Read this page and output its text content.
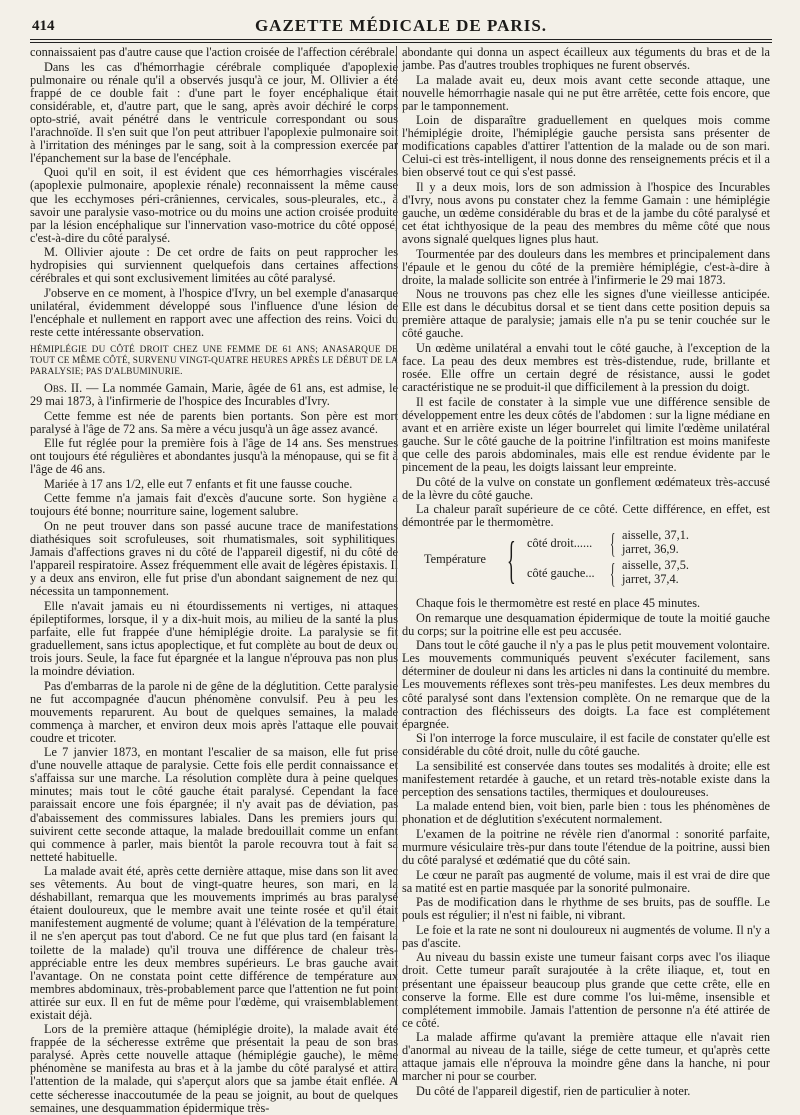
414	GAZETTE MÉDICALE DE PARIS.

connaissaient pas d'autre cause que l'action croisée de l'affection cérébrale.

Dans les cas d'hémorrhagie cérébrale compliquée d'apoplexie pulmonaire ou rénale qu'il a observés jusqu'à ce jour, M. Ollivier a été frappé de ce double fait : d'une part le foyer encéphalique était considérable, et, d'autre part, que le sang, après avoir déchiré le corps opto-strié, avait pénétré dans le ventricule correspondant ou sous l'arachnoïde. Il s'en suit que l'on peut attribuer l'apoplexie pulmonaire soit à l'irritation des méninges par le sang, soit à la compression exercée par l'épanchement sur la base de l'encéphale.

Quoi qu'il en soit, il est évident que ces hémorrhagies viscérales (apoplexie pulmonaire, apoplexie rénale) reconnaissent la même cause que les ecchymoses péri-crâniennes, cervicales, sous-pleurales, etc., à savoir une paralysie vaso-motrice ou du moins une action croisée produite par la lésion encéphalique sur l'innervation vaso-motrice du côté opposé, c'est-à-dire du côté paralysé.

M. Ollivier ajoute : De cet ordre de faits on peut rapprocher les hydropisies qui surviennent quelquefois dans certaines affections cérébrales et qui sont exclusivement limitées au côté paralysé.

J'observe en ce moment, à l'hospice d'Ivry, un bel exemple d'anasarque unilatéral, évidemment développé sous l'influence d'une lésion de l'encéphale et nullement en rapport avec une affection des reins. Voici du reste cette intéressante observation.

HÉMIPLÉGIE DU CÔTÉ DROIT CHEZ UNE FEMME DE 61 ANS; ANASARQUE DE TOUT CE MÊME CÔTÉ, SURVENU VINGT-QUATRE HEURES APRÈS LE DÉBUT DE LA PARALYSIE; PAS D'ALBUMINURIE.

Obs. II. — La nommée Gamain, Marie, âgée de 61 ans, est admise, le 29 mai 1873, à l'infirmerie de l'hospice des Incurables d'Ivry.

Cette femme est née de parents bien portants. Son père est mort paralysé à l'âge de 72 ans. Sa mère a vécu jusqu'à un âge assez avancé.

Elle fut réglée pour la première fois à l'âge de 14 ans. Ses menstrues ont toujours été régulières et abondantes jusqu'à la ménopause, qui se fit à l'âge de 46 ans.

Mariée à 17 ans 1/2, elle eut 7 enfants et fit une fausse couche.

Cette femme n'a jamais fait d'excès d'aucune sorte. Son hygiène a toujours été bonne; nourriture saine, logement salubre.

On ne peut trouver dans son passé aucune trace de manifestations diathésiques soit scrofuleuses, soit rhumatismales, soit syphilitiques. Jamais d'affections graves ni du côté de l'appareil digestif, ni du côté de l'appareil respiratoire. Assez fréquemment elle avait de légères épistaxis. Il y a deux ans environ, elle fut prise d'un abondant saignement de nez qui nécessita un tamponnement.

Elle n'avait jamais eu ni étourdissements ni vertiges, ni attaques épileptiformes, lorsque, il y a dix-huit mois, au milieu de la santé la plus parfaite, elle fut frappée d'une hémiplégie droite. La paralysie se fit graduellement, sans ictus apoplectique, et fut complète au bout de deux ou trois jours. Seule, la face fut épargnée et la langue n'éprouva pas non plus la moindre déviation.

Pas d'embarras de la parole ni de gêne de la déglutition. Cette paralysie ne fut accompagnée d'aucun phénomène convulsif. Peu à peu les mouvements reparurent. Au bout de quelques semaines, la malade commença à marcher, et environ deux mois après l'attaque elle pouvait coudre et tricoter.

Le 7 janvier 1873, en montant l'escalier de sa maison, elle fut prise d'une nouvelle attaque de paralysie. Cette fois elle perdit connaissance et s'affaissa sur une marche. La résolution complète dura à peine quelques minutes; mais tout le côté gauche était paralysé. Cependant la face paraissait encore une fois épargnée; il n'y avait pas de déviation, pas d'abaissement des commissures labiales. Dans les premiers jours qui suivirent cette seconde attaque, la malade bredouillait comme un enfant qui commence à parler, mais bientôt la parole recouvra tout à fait sa netteté habituelle.

La malade avait été, après cette dernière attaque, mise dans son lit avec ses vêtements. Au bout de vingt-quatre heures, son mari, en la déshabillant, remarqua que les mouvements imprimés au bras paralysé étaient douloureux, que le membre avait une teinte rosée et qu'il était manifestement augmenté de volume; quant à l'élévation de la température, il ne s'en aperçut pas tout d'abord. Ce ne fut que plus tard (en faisant la toilette de la malade) qu'il trouva une différence de chaleur très-appréciable entre les deux membres supérieurs. Le bras gauche avait l'avantage. On ne constata point cette différence de température aux membres abdominaux, très-probablement parce que l'attention ne fut point attirée sur eux. Il en fut de même pour l'œdème, qui vraisemblablement existait déjà.

Lors de la première attaque (hémiplégie droite), la malade avait été frappée de la sécheresse extrême que présentait la peau de son bras paralysé. Après cette nouvelle attaque (hémiplégie gauche), le même phénomène se manifesta au bras et à la jambe du côté paralysé et attira l'attention de la malade, qui s'aperçut alors que sa jambe était enflée. A cette sécheresse inaccoutumée de la peau se joignit, au bout de quelques semaines, une desquammation épidermique très-

abondante qui donna un aspect écailleux aux téguments du bras et de la jambe. Pas d'autres troubles trophiques ne furent observés.

La malade avait eu, deux mois avant cette seconde attaque, une nouvelle hémorrhagie nasale qui ne put être arrêtée, cette fois encore, que par le tamponnement.

Loin de disparaître graduellement en quelques mois comme l'hémiplégie droite, l'hémiplégie gauche persista sans présenter de modifications capables d'attirer l'attention de la malade ou de son mari. Celui-ci est très-intelligent, il nous donne des renseignements précis et il a bien observé tout ce qui s'est passé.

Il y a deux mois, lors de son admission à l'hospice des Incurables d'Ivry, nous avons pu constater chez la femme Gamain : une hémiplégie gauche, un œdème considérable du bras et de la jambe du côté paralysé et cet état ichthyosique de la peau des membres du même côté que nous avons signalé quelques lignes plus haut.

Tourmentée par des douleurs dans les membres et principalement dans l'épaule et le genou du côté de la première hémiplégie, c'est-à-dire à droite, la malade sollicite son entrée à l'infirmerie le 29 mai 1873.

Nous ne trouvons pas chez elle les signes d'une vieillesse anticipée. Elle est dans le décubitus dorsal et se tient dans cette position depuis sa première attaque de paralysie; jamais elle n'a pu se tenir couchée sur le côté gauche.

Un œdème unilatéral a envahi tout le côté gauche, à l'exception de la face. La peau des deux membres est très-distendue, rude, brillante et rosée. Elle offre un certain degré de résistance, aussi le godet caractéristique ne se produit-il que difficilement à la pression du doigt.

Il est facile de constater à la simple vue une différence sensible de développement entre les deux côtés de l'abdomen : sur la ligne médiane en avant et en arrière existe un léger bourrelet qui limite l'œdème unilatéral gauche. Sur le côté gauche de la poitrine l'infiltration est moins manifeste que celle des parois abdominales, mais elle est rendue évidente par le pincement de la peau, les doigts laissant leur empreinte.

Du côté de la vulve on constate un gonflement œdémateux très-accusé de la lèvre du côté gauche.

La chaleur paraît supérieure de ce côté. Cette différence, en effet, est démontrée par le thermomètre.

Température { côté droit...... { aisselle, 37,1.
jarret, 36,9.
côté gauche... { aisselle, 37,5.
jarret, 37,4.

Chaque fois le thermomètre est resté en place 45 minutes.

On remarque une desquamation épidermique de toute la moitié gauche du corps; sur la poitrine elle est peu accusée.

Dans tout le côté gauche il n'y a pas le plus petit mouvement volontaire. Les mouvements communiqués peuvent s'exécuter facilement, sans déterminer de douleur ni dans les articles ni dans la continuité du membre. Les mouvements réflexes sont très-peu manifestes. Les deux membres du côté paralysé sont dans l'extension complète. On ne remarque que de la contraction des fléchisseurs des doigts. La face est complétement épargnée.

Si l'on interroge la force musculaire, il est facile de constater qu'elle est considérable du côté droit, nulle du côté gauche.

La sensibilité est conservée dans toutes ses modalités à droite; elle est manifestement retardée à gauche, et un retard très-notable existe dans la perception des sensations tactiles, thermiques et douloureuses.

La malade entend bien, voit bien, parle bien : tous les phénomènes de phonation et de déglutition s'exécutent normalement.

L'examen de la poitrine ne révèle rien d'anormal : sonorité parfaite, murmure vésiculaire très-pur dans toute l'étendue de la poitrine, aussi bien du côté paralysé et œdématié que du côté sain.

Le cœur ne paraît pas augmenté de volume, mais il est vrai de dire que sa matité est en partie masquée par la sonorité pulmonaire.

Pas de modification dans le rhythme de ses bruits, pas de souffle. Le pouls est régulier; il n'est ni faible, ni vibrant.

Le foie et la rate ne sont ni douloureux ni augmentés de volume. Il n'y a pas d'ascite.

Au niveau du bassin existe une tumeur faisant corps avec l'os iliaque droit. Cette tumeur paraît surajoutée à la crête iliaque, et, tout en présentant une épaisseur beaucoup plus grande que cette crête, elle en conserve la forme. Elle est dure comme l'os lui-même, insensible et complétement immobile. Jamais l'attention de personne n'a été attirée de ce côté.

La malade affirme qu'avant la première attaque elle n'avait rien d'anormal au niveau de la taille, siége de cette tumeur, et qu'après cette attaque jamais elle n'éprouva la moindre gêne dans la hanche, ni pour marcher ni pour se courber.

Du côté de l'appareil digestif, rien de particulier à noter.
